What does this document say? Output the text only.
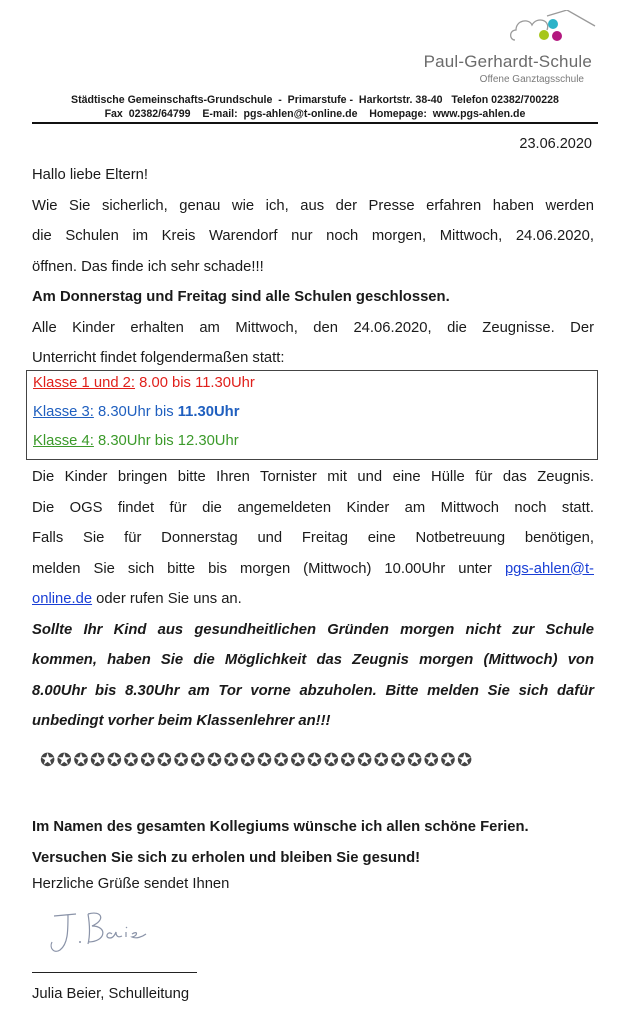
Paul-Gerhardt-Schule
Offene Ganztagsschule
Städtische Gemeinschafts-Grundschule  -  Primarstufe -  Harkortstr. 38-40   Telefon 02382/700228
Fax  02382/64799    E-mail:  pgs-ahlen@t-online.de    Homepage:  www.pgs-ahlen.de
23.06.2020
Hallo liebe Eltern!
Wie Sie sicherlich, genau wie ich, aus der Presse erfahren haben werden
die Schulen im Kreis Warendorf nur noch morgen, Mittwoch, 24.06.2020,
öffnen. Das finde ich sehr schade!!!
Am Donnerstag und Freitag sind alle Schulen geschlossen.
Alle Kinder erhalten am Mittwoch, den 24.06.2020, die Zeugnisse. Der
Unterricht findet folgendermaßen statt:
Klasse 1 und 2: 8.00 bis 11.30Uhr
Klasse 3: 8.30Uhr bis 11.30Uhr
Klasse 4: 8.30Uhr bis 12.30Uhr
Die Kinder bringen bitte Ihren Tornister mit und eine Hülle für das Zeugnis.
Die OGS findet für die angemeldeten Kinder am Mittwoch noch statt.
Falls Sie für Donnerstag und Freitag eine Notbetreuung benötigen,
melden Sie sich bitte bis morgen (Mittwoch) 10.00Uhr unter pgs-ahlen@t-
online.de oder rufen Sie uns an.
Sollte Ihr Kind aus gesundheitlichen Gründen morgen nicht zur Schule
kommen, haben Sie die Möglichkeit das Zeugnis morgen (Mittwoch) von
8.00Uhr bis 8.30Uhr am Tor vorne abzuholen. Bitte melden Sie sich dafür
unbedingt vorher beim Klassenlehrer an!!!
✪✪✪✪✪✪✪✪✪✪✪✪✪✪✪✪✪✪✪✪✪✪✪✪✪✪
Im Namen des gesamten Kollegiums wünsche ich allen schöne Ferien.
Versuchen Sie sich zu erholen und bleiben Sie gesund!
Herzliche Grüße sendet Ihnen
Julia Beier, Schulleitung
